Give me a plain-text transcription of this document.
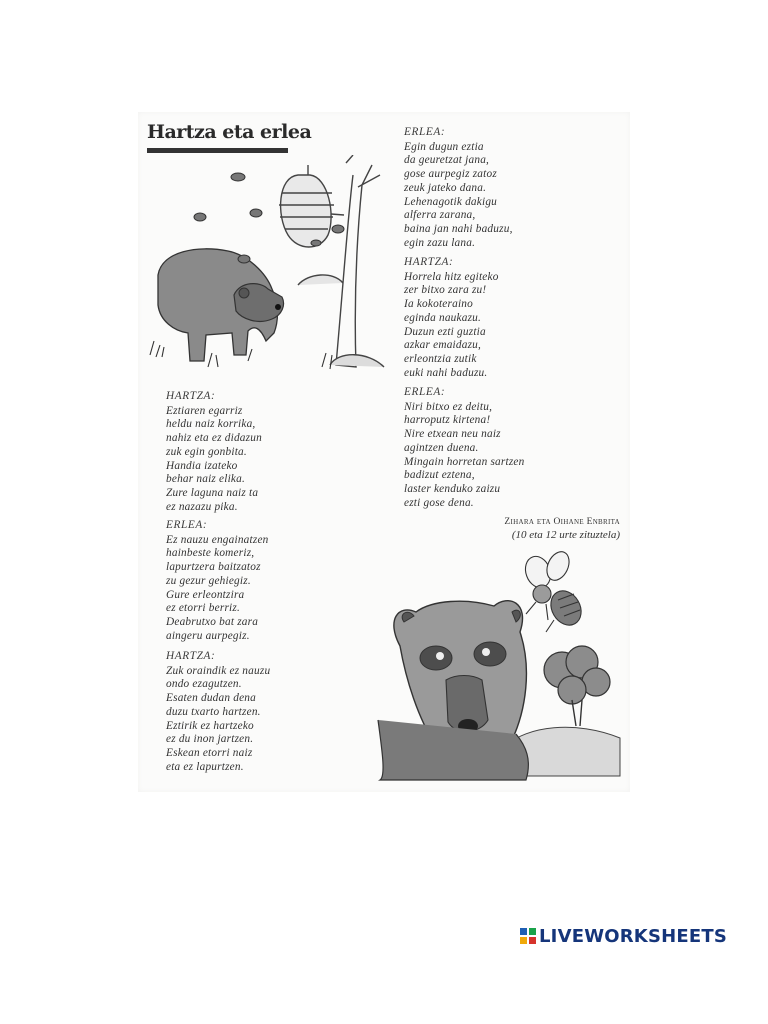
Hartza eta erlea
HARTZA:
Eztiaren egarriz
heldu naiz korrika,
nahiz eta ez didazun
zuk egin gonbita.
Handia izateko
behar naiz elika.
Zure laguna naiz ta
ez nazazu pika.
ERLEA:
Ez nauzu engainatzen
hainbeste komeriz,
lapurtzera baitzatoz
zu gezur gehiegiz.
Gure erleontzira
ez etorri berriz.
Deabrutxo bat zara
aingeru aurpegiz.
HARTZA:
Zuk oraindik ez nauzu
ondo ezagutzen.
Esaten dudan dena
duzu txarto hartzen.
Eztirik ez hartzeko
ez du inon jartzen.
Eskean etorri naiz
eta ez lapurtzen.
ERLEA:
Egin dugun eztia
da geuretzat jana,
gose aurpegiz zatoz
zeuk jateko dana.
Lehenagotik dakigu
alferra zarana,
baina jan nahi baduzu,
egin zazu lana.
HARTZA:
Horrela hitz egiteko
zer bitxo zara zu!
Ia kokoteraino
eginda naukazu.
Duzun ezti guztia
azkar emaidazu,
erleontzia zutik
euki nahi baduzu.
ERLEA:
Niri bitxo ez deitu,
harroputz kirtena!
Nire etxean neu naiz
agintzen duena.
Mingain horretan sartzen
badizut eztena,
laster kenduko zaizu
ezti gose dena.
Zihara eta Oihane Enbrita
(10 eta 12 urte zituztela)
LIVEWORKSHEETS
